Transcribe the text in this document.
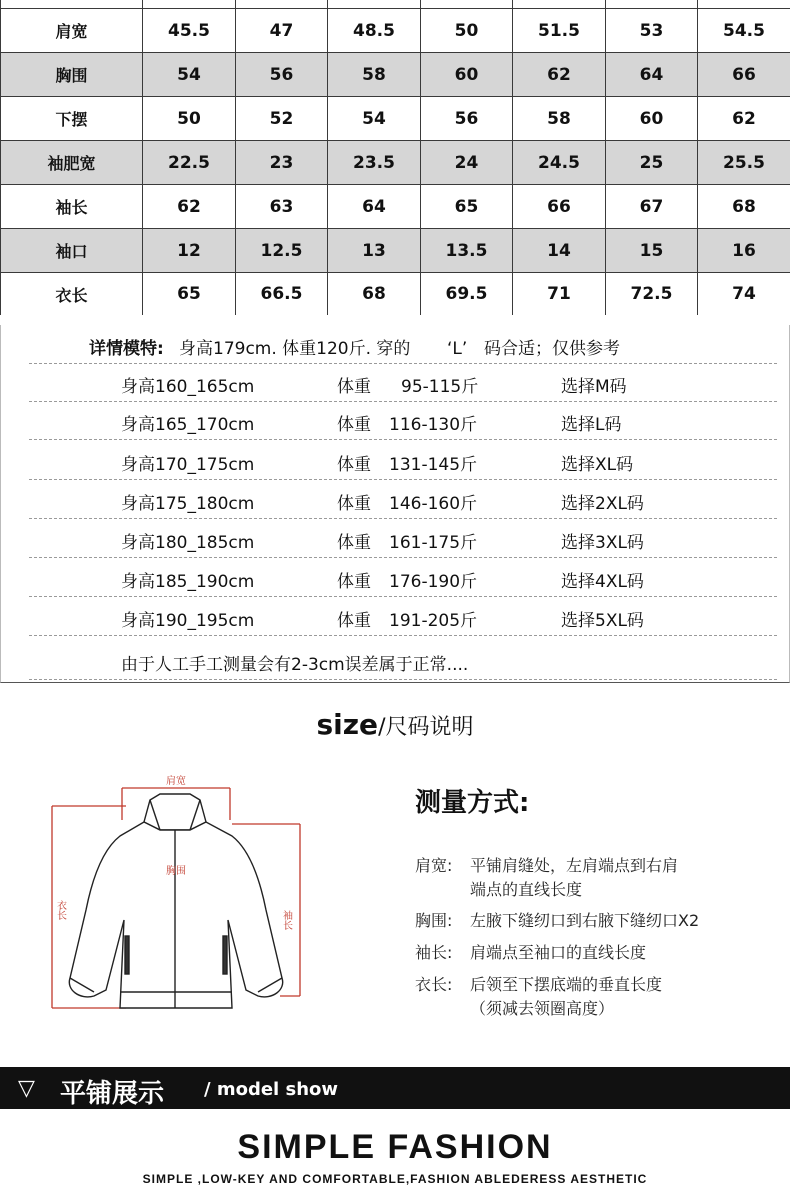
肩宽	45.5	47	48.5	50	51.5	53	54.5
胸围	54	56	58	60	62	64	66
下摆	50	52	54	56	58	60	62
袖肥宽	22.5	23	23.5	24	24.5	25	25.5
袖长	62	63	64	65	66	67	68
袖口	12	12.5	13	13.5	14	15	16
衣长	65	66.5	68	69.5	71	72.5	74
详情模特: 身高179cm. 体重120斤. 穿的 ‘L’ 码合适；仅供参考
身高160_165cm	体重 95-115斤	选择M码
身高165_170cm	体重 116-130斤	选择L码
身高170_175cm	体重 131-145斤	选择XL码
身高175_180cm	体重 146-160斤	选择2XL码
身高180_185cm	体重 161-175斤	选择3XL码
身高185_190cm	体重 176-190斤	选择4XL码
身高190_195cm	体重 191-205斤	选择5XL码
由于人工手工测量会有2-3cm误差属于正常....
size/尺码说明
肩宽
胸围
衣长	袖长
测量方式:
肩宽: 平铺肩缝处，左肩端点到右肩
端点的直线长度
胸围: 左腋下缝纫口到右腋下缝纫口X2
袖长: 肩端点至袖口的直线长度
衣长: 后领至下摆底端的垂直长度
（须减去领圈高度）
▽ 平铺展示 / model show
SIMPLE FASHION
SIMPLE ,LOW-KEY AND COMFORTABLE,FASHION ABLEDERESS AESTHETIC
